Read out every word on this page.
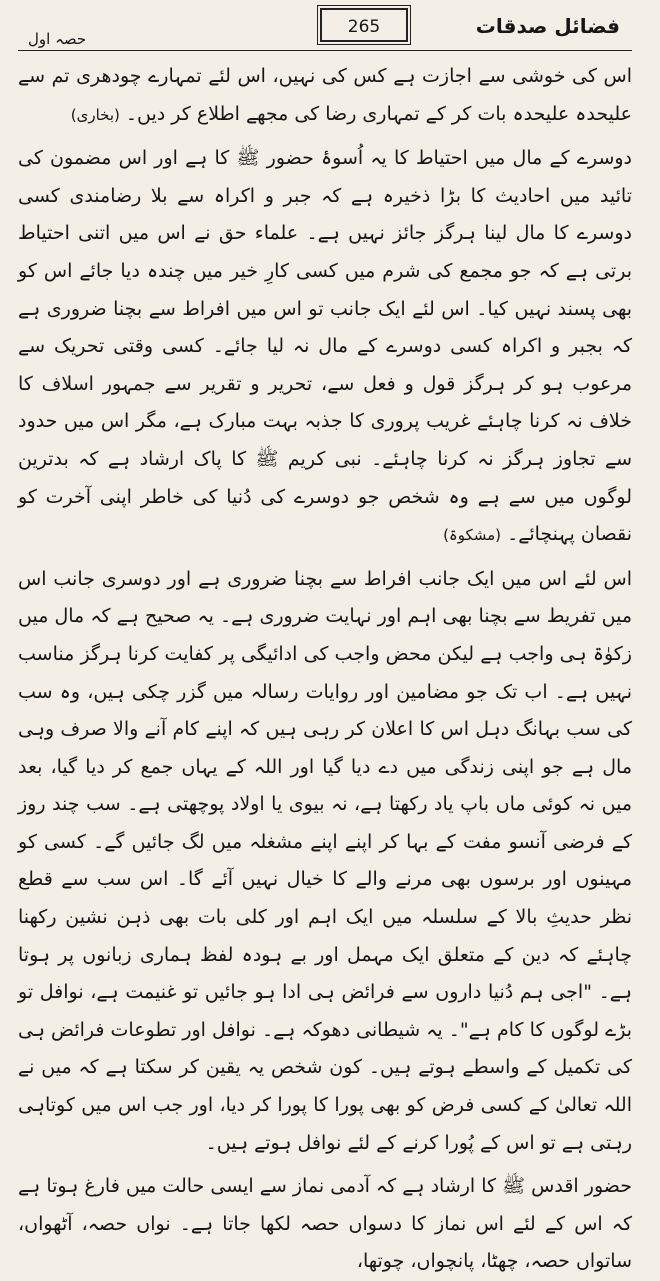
فضائل صدقات
265
حصہ اول

اس کی خوشی سے اجازت ہے کس کی نہیں، اس لئے تمہارے چودھری تم سے علیحدہ علیحدہ بات کر کے تمہاری رضا کی مجھے اطلاع کر دیں۔ (بخاری)

دوسرے کے مال میں احتیاط کا یہ اُسوۂ حضور ﷺ کا ہے اور اس مضمون کی تائید میں احادیث کا بڑا ذخیرہ ہے کہ جبر و اکراہ سے بلا رضامندی کسی دوسرے کا مال لینا ہرگز جائز نہیں ہے۔ علماء حق نے اس میں اتنی احتیاط برتی ہے کہ جو مجمع کی شرم میں کسی کارِ خیر میں چندہ دیا جائے اس کو بھی پسند نہیں کیا۔ اس لئے ایک جانب تو اس میں افراط سے بچنا ضروری ہے کہ بجبر و اکراہ کسی دوسرے کے مال نہ لیا جائے۔ کسی وقتی تحریک سے مرعوب ہو کر ہرگز قول و فعل سے، تحریر و تقریر سے جمہور اسلاف کا خلاف نہ کرنا چاہئے غریب پروری کا جذبہ بہت مبارک ہے، مگر اس میں حدود سے تجاوز ہرگز نہ کرنا چاہئے۔ نبی کریم ﷺ کا پاک ارشاد ہے کہ بدترین لوگوں میں سے ہے وہ شخص جو دوسرے کی دُنیا کی خاطر اپنی آخرت کو نقصان پہنچائے۔ (مشکوۃ)

اس لئے اس میں ایک جانب افراط سے بچنا ضروری ہے اور دوسری جانب اس میں تفریط سے بچنا بھی اہم اور نہایت ضروری ہے۔ یہ صحیح ہے کہ مال میں زکوٰۃ ہی واجب ہے لیکن محض واجب کی ادائیگی پر کفایت کرنا ہرگز مناسب نہیں ہے۔ اب تک جو مضامین اور روایات رسالہ میں گزر چکی ہیں، وہ سب کی سب بہانگ دہل اس کا اعلان کر رہی ہیں کہ اپنے کام آنے والا صرف وہی مال ہے جو اپنی زندگی میں دے دیا گیا اور اللہ کے یہاں جمع کر دیا گیا، بعد میں نہ کوئی ماں باپ یاد رکھتا ہے، نہ بیوی یا اولاد پوچھتی ہے۔ سب چند روز کے فرضی آنسو مفت کے بہا کر اپنے اپنے مشغلہ میں لگ جائیں گے۔ کسی کو مہینوں اور برسوں بھی مرنے والے کا خیال نہیں آئے گا۔ اس سب سے قطع نظر حدیثِ بالا کے سلسلہ میں ایک اہم اور کلی بات بھی ذہن نشین رکھنا چاہئے کہ دین کے متعلق ایک مہمل اور بے ہودہ لفظ ہماری زبانوں پر ہوتا ہے۔ "اجی ہم دُنیا داروں سے فرائض ہی ادا ہو جائیں تو غنیمت ہے، نوافل تو بڑے لوگوں کا کام ہے"۔ یہ شیطانی دھوکہ ہے۔ نوافل اور تطوعات فرائض ہی کی تکمیل کے واسطے ہوتے ہیں۔ کون شخص یہ یقین کر سکتا ہے کہ میں نے اللہ تعالیٰ کے کسی فرض کو بھی پورا کا پورا کر دیا، اور جب اس میں کوتاہی رہتی ہے تو اس کے پُورا کرنے کے لئے نوافل ہوتے ہیں۔

حضور اقدس ﷺ کا ارشاد ہے کہ آدمی نماز سے ایسی حالت میں فارغ ہوتا ہے کہ اس کے لئے اس نماز کا دسواں حصہ لکھا جاتا ہے۔ نواں حصہ، آٹھواں، ساتواں حصہ، چھٹا، پانچواں، چوتھا،
